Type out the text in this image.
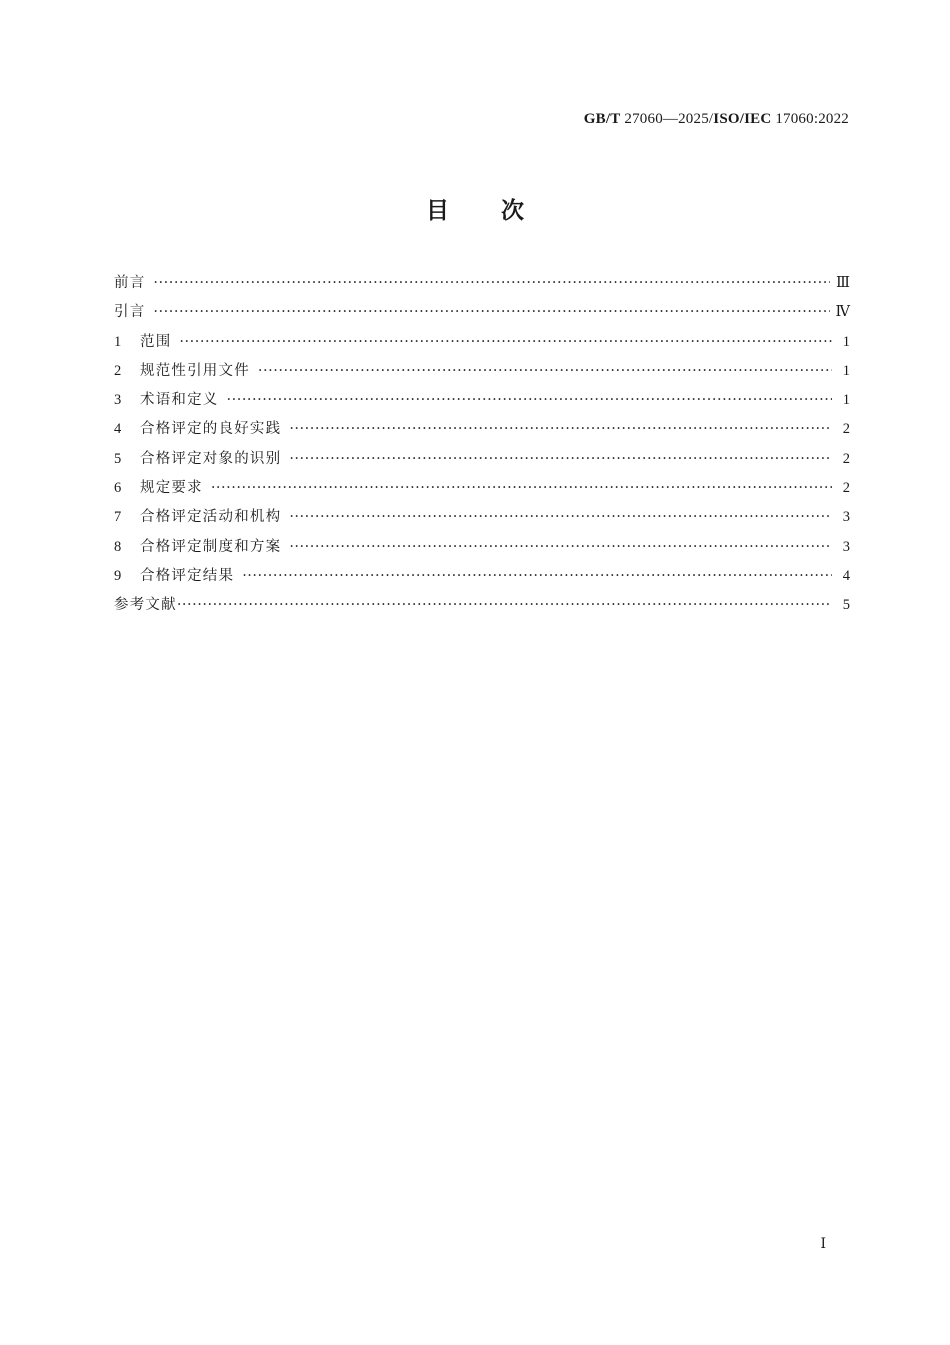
GB/T 27060—2025/ISO/IEC 17060:2022
目次
前言 ·····	Ⅲ
引言 ·····	Ⅳ
1	范围 ·····	1
2	规范性引用文件 ·····	1
3	术语和定义 ·····	1
4	合格评定的良好实践 ·····	2
5	合格评定对象的识别 ·····	2
6	规定要求 ·····	2
7	合格评定活动和机构 ·····	3
8	合格评定制度和方案 ·····	3
9	合格评定结果 ·····	4
参考文献 ·····	5
Ⅰ
